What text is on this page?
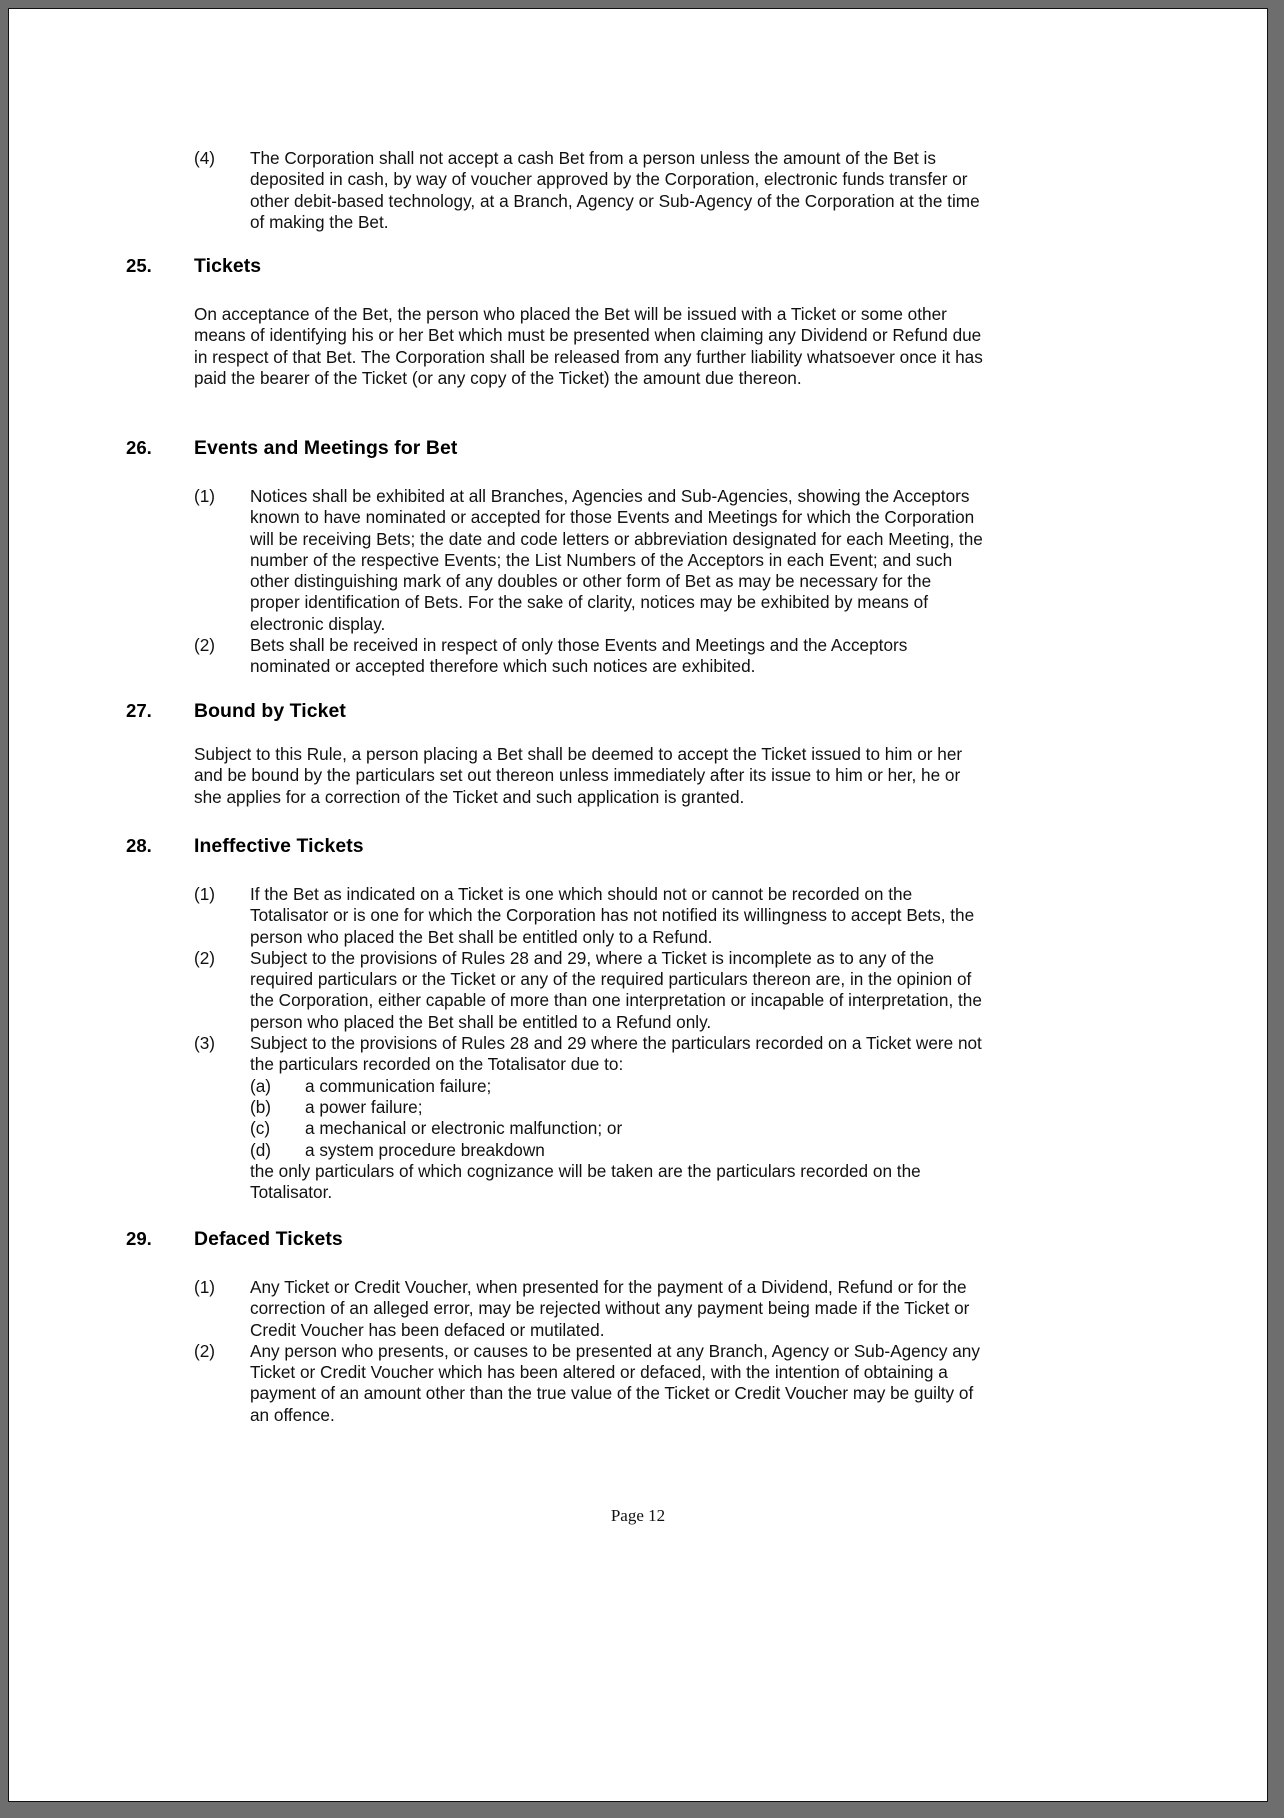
(4)	The Corporation shall not accept a cash Bet from a person unless the amount of the Bet is deposited in cash, by way of voucher approved by the Corporation, electronic funds transfer or other debit-based technology, at a Branch, Agency or Sub-Agency of the Corporation at the time of making the Bet.
25.	Tickets
On acceptance of the Bet, the person who placed the Bet will be issued with a Ticket or some other means of identifying his or her Bet which must be presented when claiming any Dividend or Refund due in respect of that Bet. The Corporation shall be released from any further liability whatsoever once it has paid the bearer of the Ticket (or any copy of the Ticket) the amount due thereon.
26.	Events and Meetings for Bet
(1)	Notices shall be exhibited at all Branches, Agencies and Sub-Agencies, showing the Acceptors known to have nominated or accepted for those Events and Meetings for which the Corporation will be receiving Bets; the date and code letters or abbreviation designated for each Meeting, the number of the respective Events; the List Numbers of the Acceptors in each Event; and such other distinguishing mark of any doubles or other form of Bet as may be necessary for the proper identification of Bets. For the sake of clarity, notices may be exhibited by means of electronic display.
(2)	Bets shall be received in respect of only those Events and Meetings and the Acceptors nominated or accepted therefore which such notices are exhibited.
27.	Bound by Ticket
Subject to this Rule, a person placing a Bet shall be deemed to accept the Ticket issued to him or her and be bound by the particulars set out thereon unless immediately after its issue to him or her, he or she applies for a correction of the Ticket and such application is granted.
28.	Ineffective Tickets
(1)	If the Bet as indicated on a Ticket is one which should not or cannot be recorded on the Totalisator or is one for which the Corporation has not notified its willingness to accept Bets, the person who placed the Bet shall be entitled only to a Refund.
(2)	Subject to the provisions of Rules 28 and 29, where a Ticket is incomplete as to any of the required particulars or the Ticket or any of the required particulars thereon are, in the opinion of the Corporation, either capable of more than one interpretation or incapable of interpretation, the person who placed the Bet shall be entitled to a Refund only.
(3)	Subject to the provisions of Rules 28 and 29 where the particulars recorded on a Ticket were not the particulars recorded on the Totalisator due to:
(a)	a communication failure;
(b)	a power failure;
(c)	a mechanical or electronic malfunction; or
(d)	a system procedure breakdown
the only particulars of which cognizance will be taken are the particulars recorded on the Totalisator.
29.	Defaced Tickets
(1)	Any Ticket or Credit Voucher, when presented for the payment of a Dividend, Refund or for the correction of an alleged error, may be rejected without any payment being made if the Ticket or Credit Voucher has been defaced or mutilated.
(2)	Any person who presents, or causes to be presented at any Branch, Agency or Sub-Agency any Ticket or Credit Voucher which has been altered or defaced, with the intention of obtaining a payment of an amount other than the true value of the Ticket or Credit Voucher may be guilty of an offence.
Page 12
